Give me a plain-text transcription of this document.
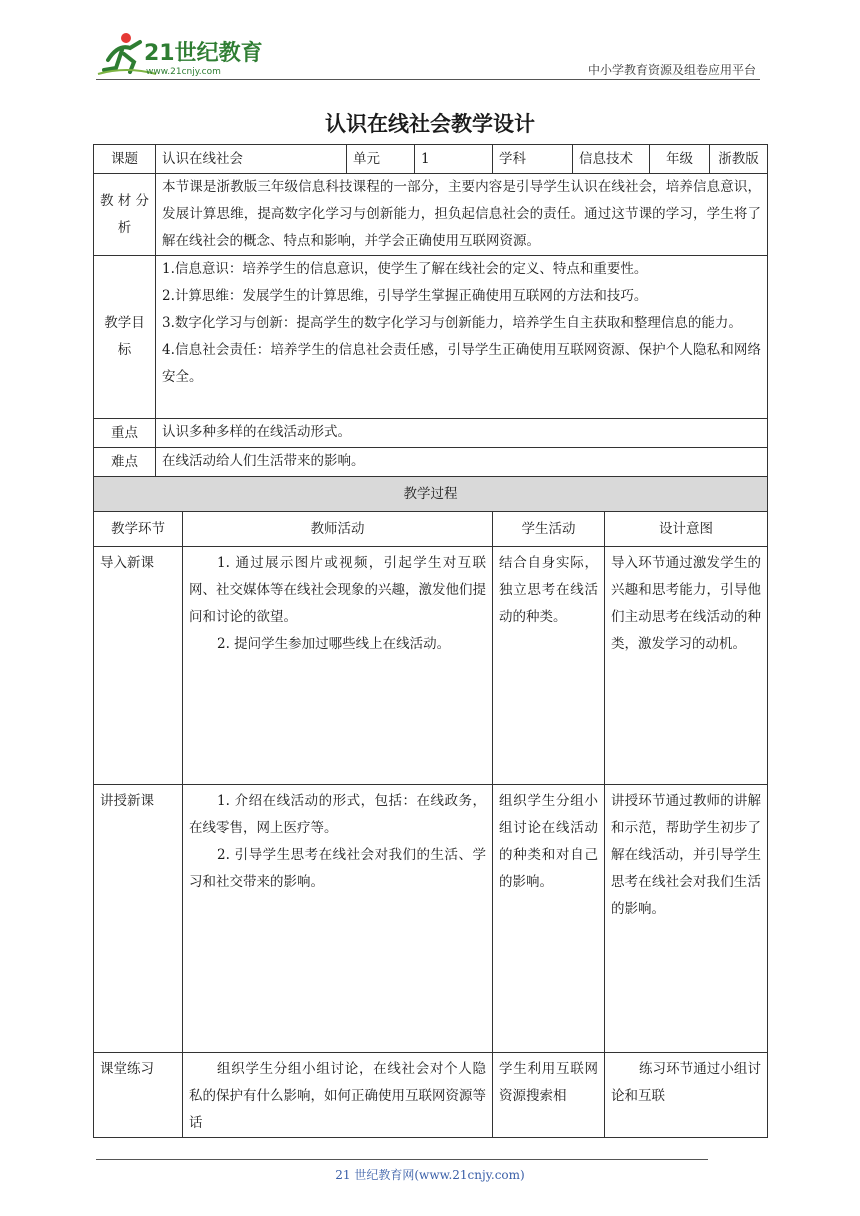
21世纪教育
www.21cnjy.com	中小学教育资源及组卷应用平台
认识在线社会教学设计
课题	认识在线社会		单元	1	学科	信息技术		年级	浙教版
教 材 分析	本节课是浙教版三年级信息科技课程的一部分，主要内容是引导学生认识在线社会，培养信息意识，发展计算思维，提高数字化学习与创新能力，担负起信息社会的责任。通过这节课的学习，学生将了解在线社会的概念、特点和影响，并学会正确使用互联网资源。								
教学目标	1.信息意识：培养学生的信息意识，使学生了解在线社会的定义、特点和重要性。

2.计算思维：发展学生的计算思维，引导学生掌握正确使用互联网的方法和技巧。

3.数字化学习与创新：提高学生的数字化学习与创新能力，培养学生自主获取和整理信息的能力。

4.信息社会责任：培养学生的信息社会责任感，引导学生正确使用互联网资源、保护个人隐私和网络安全。								

重点	认识多种多样的在线活动形式。								
难点	在线活动给人们生活带来的影响。								
教学过程									
教学环节		教师活动			学生活动		设计意图		
导入新课		1. 通过展示图片或视频，引起学生对互联网、社交媒体等在线社会现象的兴趣，激发他们提问和讨论的欲望。

2. 提问学生参加过哪些线上在线活动。			结合自身实际，独立思考在线活动的种类。		导入环节通过激发学生的兴趣和思考能力，引导他们主动思考在线活动的种类，激发学习的动机。		
讲授新课		1. 介绍在线活动的形式，包括：在线政务，在线零售，网上医疗等。

2. 引导学生思考在线社会对我们的生活、学习和社交带来的影响。			组织学生分组小组讨论在线活动的种类和对自己的影响。		讲授环节通过教师的讲解和示范，帮助学生初步了解在线活动，并引导学生思考在线社会对我们生活的影响。		
课堂练习		组织学生分组小组讨论，在线社会对个人隐私的保护有什么影响，如何正确使用互联网资源等话			学生利用互联网资源搜索相		练习环节通过小组讨论和互联		
21 世纪教育网(www.21cnjy.com)
